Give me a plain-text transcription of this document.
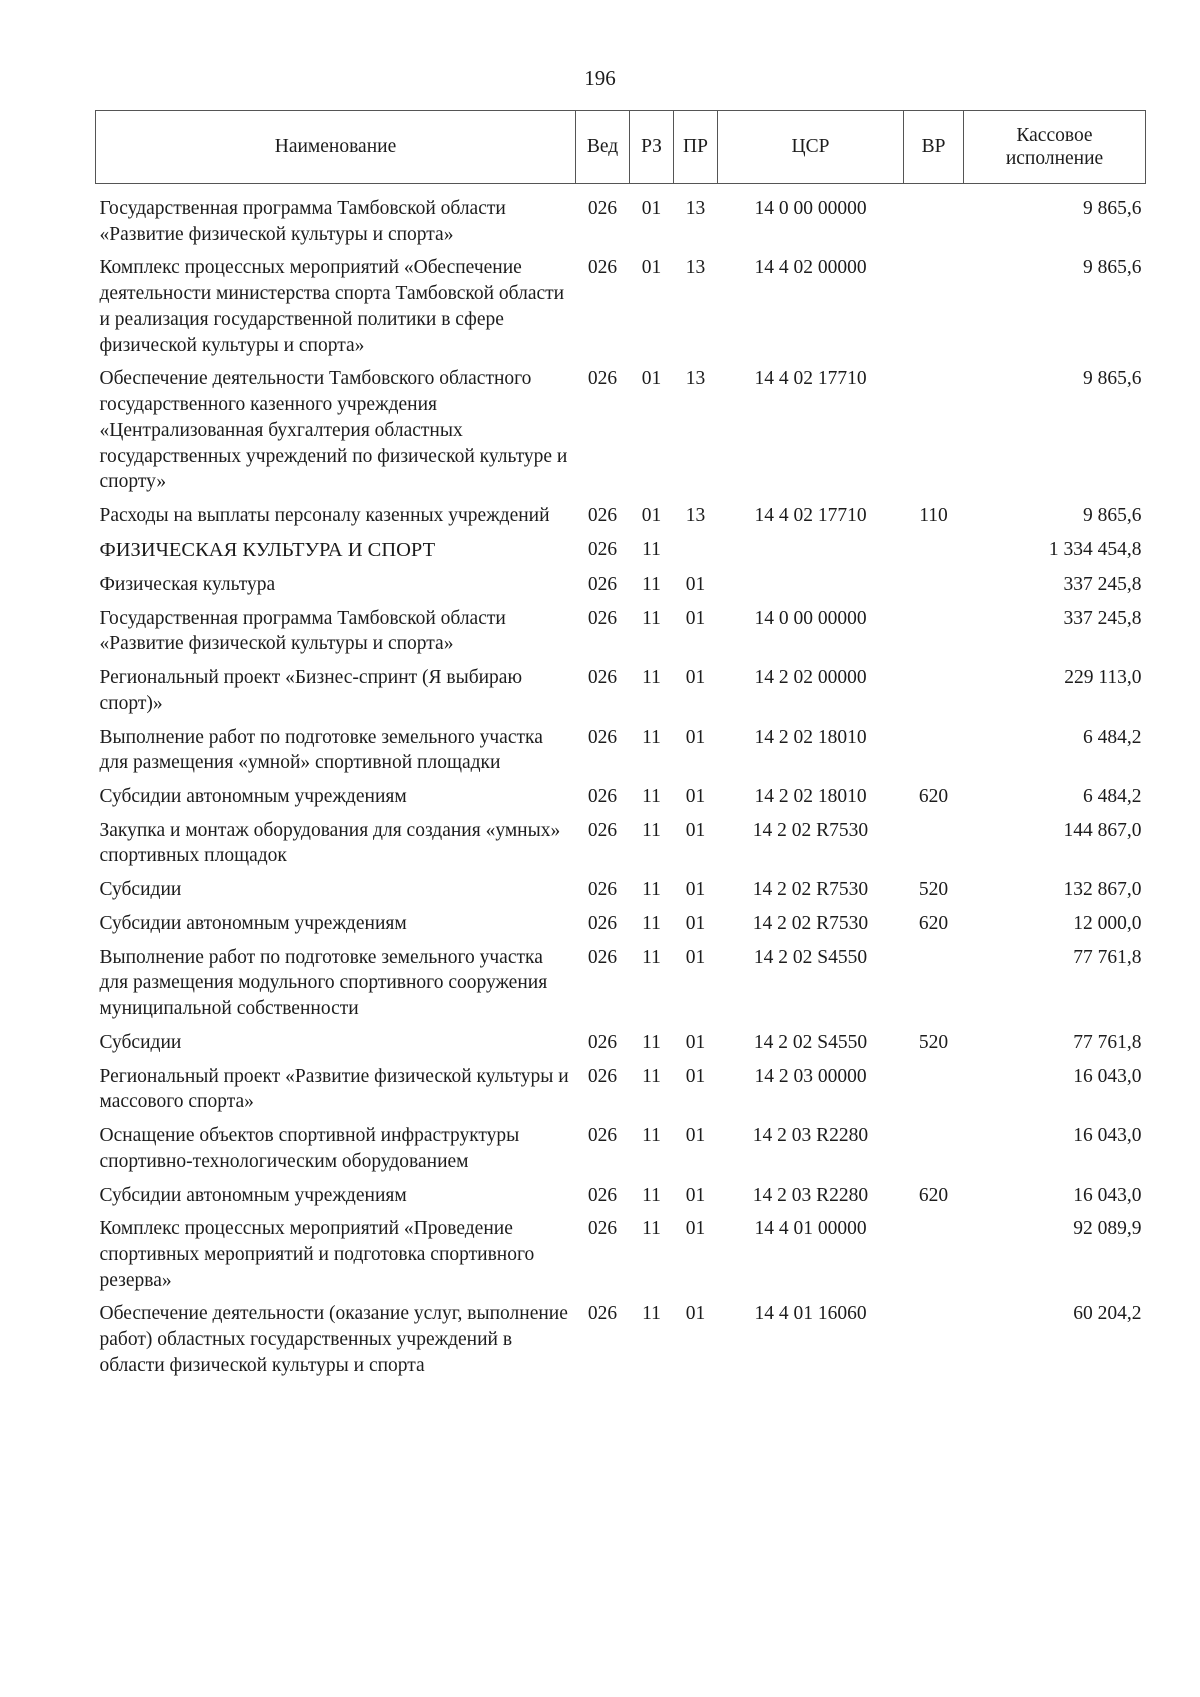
196
Наименование	Вед	РЗ	ПР	ЦСР	ВР	Кассовое исполнение
Государственная программа Тамбовской области «Развитие физической культуры и спорта»	026	01	13	14 0 00 00000		9 865,6
Комплекс процессных мероприятий «Обеспечение деятельности министерства спорта Тамбовской области и реализация государственной политики в сфере физической культуры и спорта»	026	01	13	14 4 02 00000		9 865,6
Обеспечение деятельности Тамбовского областного государственного казенного учреждения «Централизованная бухгалтерия областных государственных учреждений по физической культуре и спорту»	026	01	13	14 4 02 17710		9 865,6
Расходы на выплаты персоналу казенных учреждений	026	01	13	14 4 02 17710	110	9 865,6
ФИЗИЧЕСКАЯ КУЛЬТУРА И СПОРТ	026	11				1 334 454,8
Физическая культура	026	11	01			337 245,8
Государственная программа Тамбовской области «Развитие физической культуры и спорта»	026	11	01	14 0 00 00000		337 245,8
Региональный проект «Бизнес-спринт (Я выбираю спорт)»	026	11	01	14 2 02 00000		229 113,0
Выполнение работ по подготовке земельного участка для размещения «умной» спортивной площадки	026	11	01	14 2 02 18010		6 484,2
Субсидии автономным учреждениям	026	11	01	14 2 02 18010	620	6 484,2
Закупка и монтаж оборудования для создания «умных» спортивных площадок	026	11	01	14 2 02 R7530		144 867,0
Субсидии	026	11	01	14 2 02 R7530	520	132 867,0
Субсидии автономным учреждениям	026	11	01	14 2 02 R7530	620	12 000,0
Выполнение работ по подготовке земельного участка для размещения модульного спортивного сооружения муниципальной собственности	026	11	01	14 2 02 S4550		77 761,8
Субсидии	026	11	01	14 2 02 S4550	520	77 761,8
Региональный проект «Развитие физической культуры и массового спорта»	026	11	01	14 2 03 00000		16 043,0
Оснащение объектов спортивной инфраструктуры спортивно-технологическим оборудованием	026	11	01	14 2 03 R2280		16 043,0
Субсидии автономным учреждениям	026	11	01	14 2 03 R2280	620	16 043,0
Комплекс процессных мероприятий «Проведение спортивных мероприятий и подготовка спортивного резерва»	026	11	01	14 4 01 00000		92 089,9
Обеспечение деятельности (оказание услуг, выполнение работ) областных государственных учреждений в области физической культуры и спорта	026	11	01	14 4 01 16060		60 204,2
